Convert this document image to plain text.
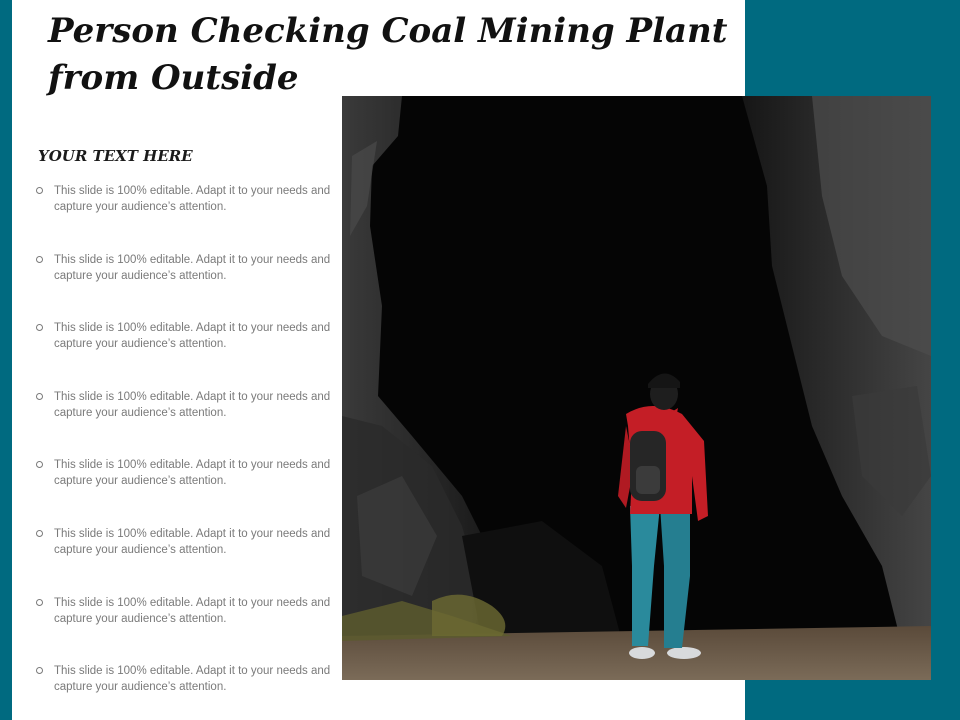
Person Checking Coal Mining Plant from Outside
YOUR TEXT HERE
This slide is 100% editable. Adapt it to your needs and capture your audience’s attention.
This slide is 100% editable. Adapt it to your needs and capture your audience’s attention.
This slide is 100% editable. Adapt it to your needs and capture your audience’s attention.
This slide is 100% editable. Adapt it to your needs and capture your audience’s attention.
This slide is 100% editable. Adapt it to your needs and capture your audience’s attention.
This slide is 100% editable. Adapt it to your needs and capture your audience’s attention.
This slide is 100% editable. Adapt it to your needs and capture your audience’s attention.
This slide is 100% editable. Adapt it to your needs and capture your audience’s attention.
